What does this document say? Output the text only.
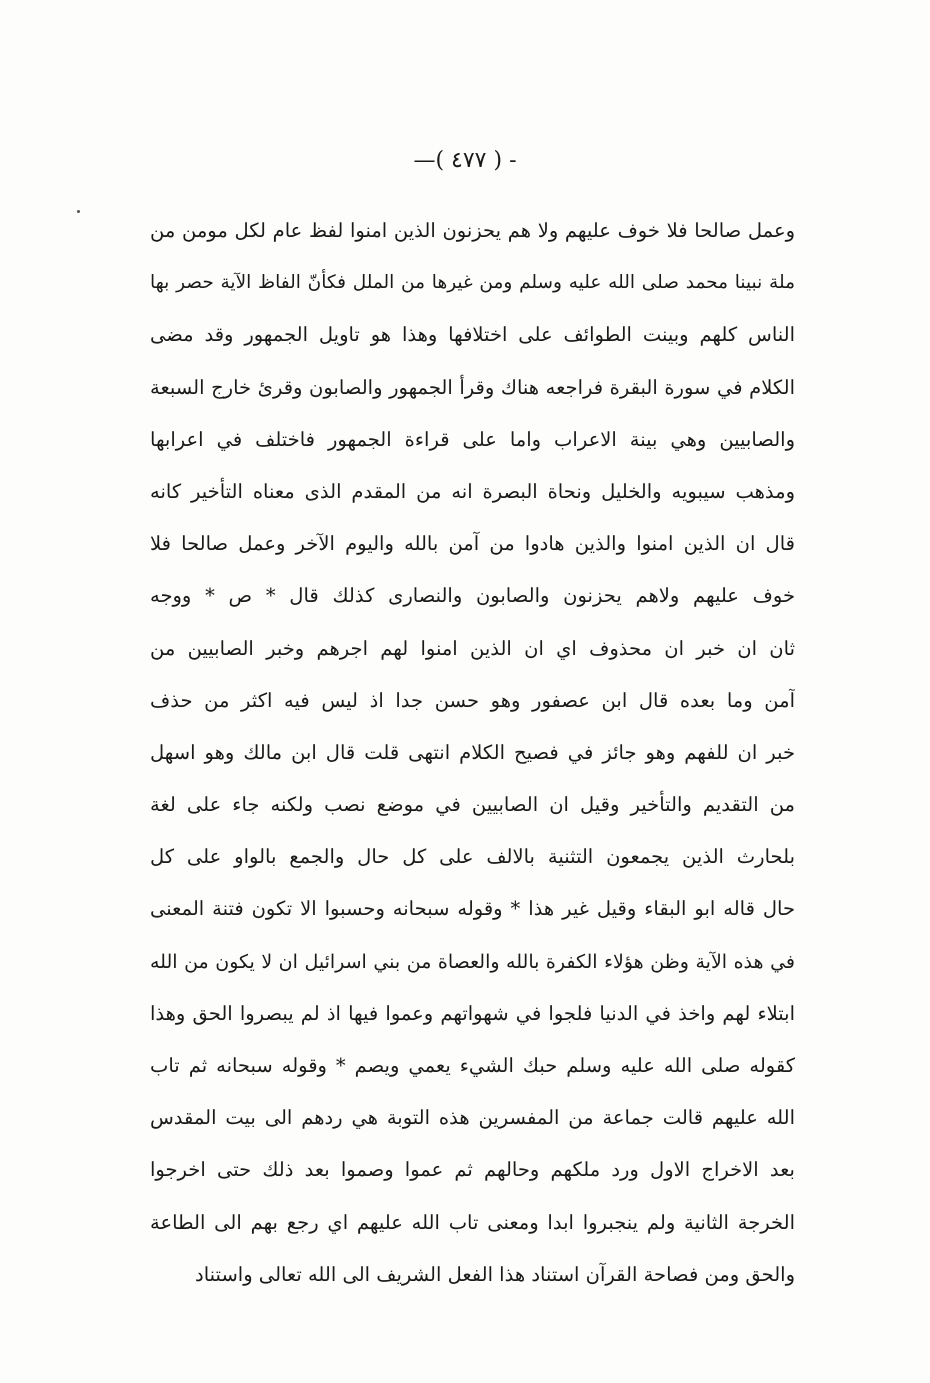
—( ٤٧٧ ) -
وعمل صالحا فلا خوف عليهم ولا هم يحزنون الذين امنوا لفظ عام لكل مومن من
ملة نبينا محمد صلى الله عليه وسلم ومن غيرها من الملل فكأنّ الفاظ الآية حصر بها
الناس كلهم وبينت الطوائف على اختلافها وهذا هو تاويل الجمهور وقد مضى
الكلام في سورة البقرة فراجعه هناك وقرأ الجمهور والصابون وقرئ خارج السبعة
والصابيين وهي بينة الاعراب واما على قراءة الجمهور فاختلف في اعرابها
ومذهب سيبويه والخليل ونحاة البصرة انه من المقدم الذى معناه التأخير كانه
قال ان الذين امنوا والذين هادوا من آمن بالله واليوم الآخر وعمل صالحا فلا
خوف عليهم ولاهم يحزنون والصابون والنصارى كذلك قال * ص * ووجه
ثان ان خبر ان محذوف اي ان الذين امنوا لهم اجرهم وخبر الصابيين من
آمن وما بعده قال ابن عصفور وهو حسن جدا اذ ليس فيه اكثر من حذف
خبر ان للفهم وهو جائز في فصيح الكلام انتهى قلت قال ابن مالك وهو اسهل
من التقديم والتأخير وقيل ان الصابيين في موضع نصب ولكنه جاء على لغة
بلحارث الذين يجمعون التثنية بالالف على كل حال والجمع بالواو على كل
حال قاله ابو البقاء وقيل غير هذا * وقوله سبحانه وحسبوا الا تكون فتنة المعنى
في هذه الآية وظن هؤلاء الكفرة بالله والعصاة من بني اسرائيل ان لا يكون من الله
ابتلاء لهم واخذ في الدنيا فلجوا في شهواتهم وعموا فيها اذ لم يبصروا الحق وهذا
كقوله صلى الله عليه وسلم حبك الشيء يعمي ويصم * وقوله سبحانه ثم تاب
الله عليهم قالت جماعة من المفسرين هذه التوبة هي ردهم الى بيت المقدس
بعد الاخراج الاول ورد ملكهم وحالهم ثم عموا وصموا بعد ذلك حتى اخرجوا
الخرجة الثانية ولم ينجبروا ابدا ومعنى تاب الله عليهم اي رجع بهم الى الطاعة
والحق ومن فصاحة القرآن استناد هذا الفعل الشريف الى الله تعالى واستناد
